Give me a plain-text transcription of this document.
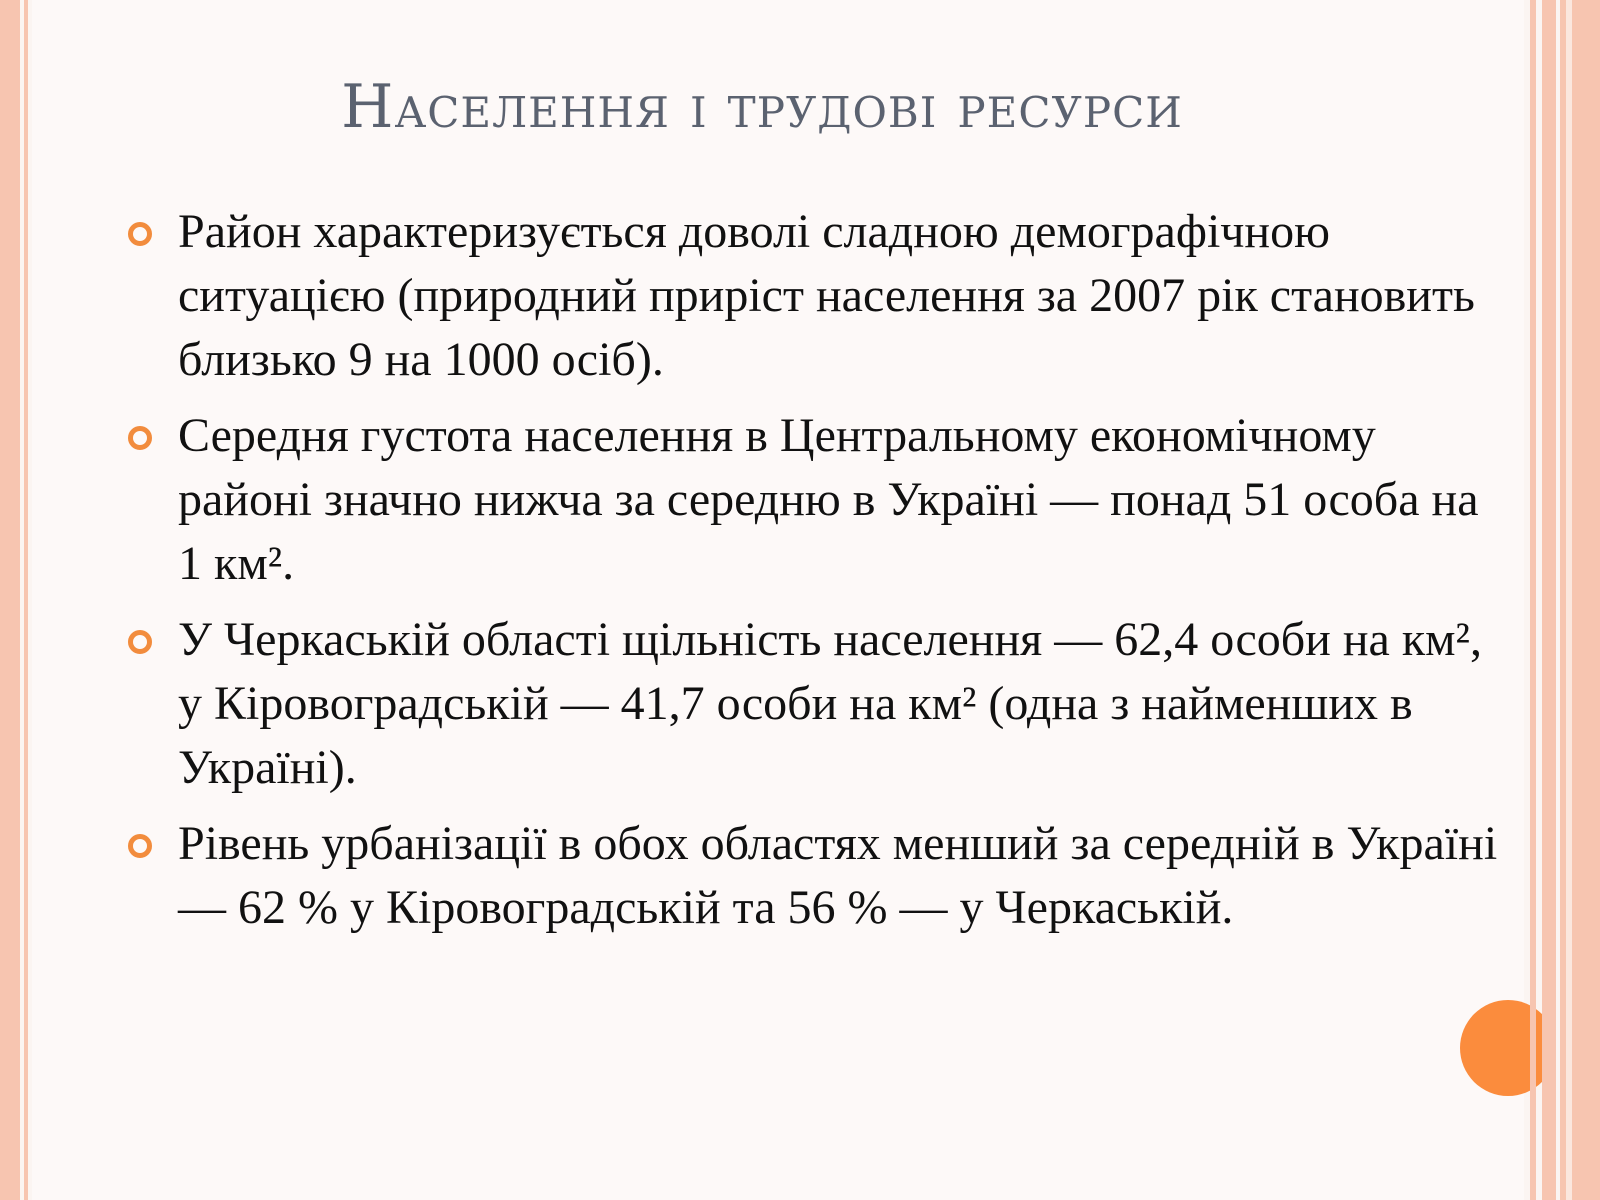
Населення і трудові ресурси
Район характеризується доволі сладною демографічною ситуацією (природний приріст населення за 2007 рік становить близько 9 на 1000 осіб).
Середня густота населення в Центральному економічному районі значно нижча за середню в Україні — понад 51 особа на 1 км².
У Черкаській області щільність населення — 62,4 особи на км², у Кіровоградській — 41,7 особи на км² (одна з найменших в Україні).
Рівень урбанізації в обох областях менший за середній в Україні — 62 % у Кіровоградській та 56 % — у Черкаській.
